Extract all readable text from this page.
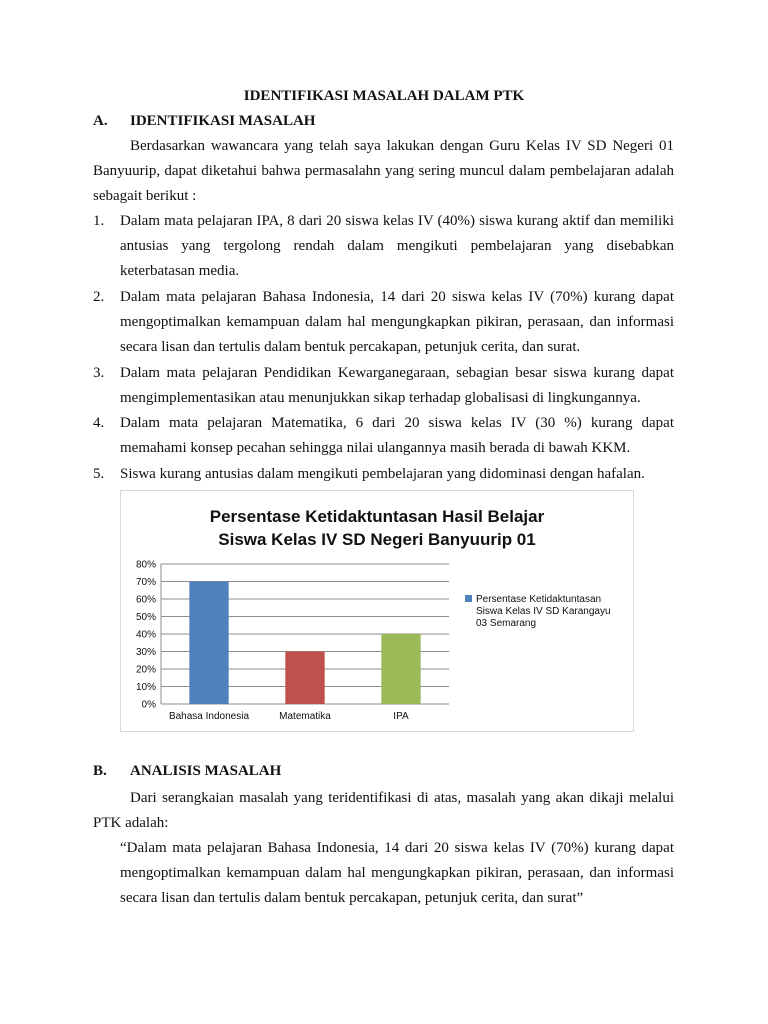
IDENTIFIKASI MASALAH DALAM PTK
A. IDENTIFIKASI MASALAH
Berdasarkan wawancara yang telah saya lakukan dengan Guru Kelas IV SD Negeri 01 Banyuurip, dapat diketahui bahwa permasalahn yang sering muncul dalam pembelajaran adalah sebagait berikut :
1. Dalam mata pelajaran IPA, 8 dari 20 siswa kelas IV (40%) siswa kurang aktif dan memiliki antusias yang tergolong rendah dalam mengikuti pembelajaran yang disebabkan keterbatasan media.
2. Dalam mata pelajaran Bahasa Indonesia, 14 dari 20 siswa kelas IV (70%) kurang dapat mengoptimalkan kemampuan dalam hal mengungkapkan pikiran, perasaan, dan informasi secara lisan dan tertulis dalam bentuk percakapan, petunjuk cerita, dan surat.
3. Dalam mata pelajaran Pendidikan Kewarganegaraan, sebagian besar siswa kurang dapat mengimplementasikan atau menunjukkan sikap terhadap globalisasi di lingkungannya.
4. Dalam mata pelajaran Matematika, 6 dari 20 siswa kelas IV (30 %) kurang dapat memahami konsep pecahan sehingga nilai ulangannya masih berada di bawah KKM.
5. Siswa kurang antusias dalam mengikuti pembelajaran yang didominasi dengan hafalan.
Persentase Ketidaktuntasan Hasil Belajar
Siswa Kelas IV SD Negeri Banyuurip 01
0%
10%
20%
30%
40%
50%
60%
70%
80%
Bahasa Indonesia	Matematika	IPA
Persentase Ketidaktuntasan
Siswa Kelas IV SD Karangayu
03 Semarang
B. ANALISIS MASALAH
Dari serangkaian masalah yang teridentifikasi di atas, masalah yang akan dikaji melalui PTK adalah:
“Dalam mata pelajaran Bahasa Indonesia, 14 dari 20 siswa kelas IV (70%) kurang dapat mengoptimalkan kemampuan dalam hal mengungkapkan pikiran, perasaan, dan informasi secara lisan dan tertulis dalam bentuk percakapan, petunjuk cerita, dan surat”
